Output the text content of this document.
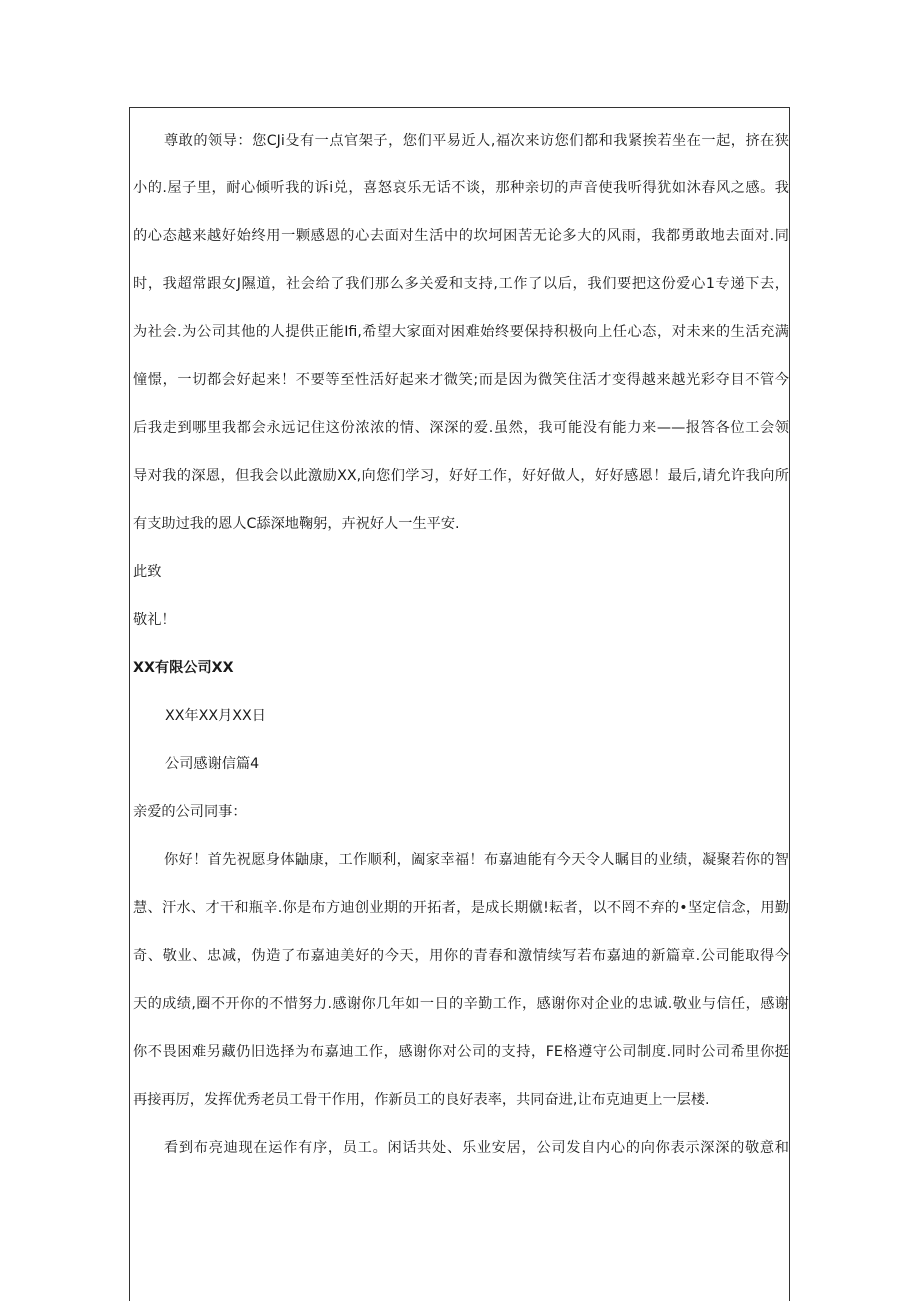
尊敢的领导：您CJi殳有一点官架子，您们平易近人,福次来访您们都和我紧挨若坐在一起，挤在狭
小的.屋子里，耐心倾听我的诉i兑，喜怒哀乐无话不谈，那种亲切的声音使我听得犹如沐春风之感。我
的心态越来越好始终用一颗感恩的心去面对生活中的坎坷困苦无论多大的风雨，我都勇敢地去面对.同
时，我超常跟女J隰道，社会给了我们那么多关爱和支持,工作了以后，我们要把这份爱心1专递下去，
为社会.为公司其他的人提供正能Ifi,希望大家面对困难始终要保持积极向上任心态，对未来的生活充满
憧憬，一切都会好起来！不要等至性活好起来才微笑;而是因为微笑住活才变得越来越光彩夺目不管今
后我走到哪里我都会永远记住这份浓浓的情、深深的爱.虽然，我可能没有能力来——报答各位工会领
导对我的深恩，但我会以此激励XX,向您们学习，好好工作，好好做人，好好感恩！最后,请允许我向所
有支助过我的恩人C舔深地鞠躬，卉祝好人一生平安.
此致
敬礼！
XX有限公司XX
XX年XX月XX日
公司感谢信篇4
亲爱的公司同事：
你好！首先祝愿身体鼬康，工作顺利，阖家幸福！布嘉迪能有今天令人瞩目的业绩，凝聚若你的智
慧、汗水、才干和瓶辛.你是布方迪创业期的开拓者，是成长期僦!耘者，以不罔不弃的•坚定信念，用勤
奇、敬业、忠减，伪造了布嘉迪美好的今天，用你的青春和激情续写若布嘉迪的新篇章.公司能取得今
天的成绩,圈不开你的不惜努力.感谢你几年如一日的辛勤工作，感谢你对企业的忠诚.敬业与信任，感谢
你不畏困难另藏仍旧选择为布嘉迪工作，感谢你对公司的支持，FE格遵守公司制度.同时公司希里你挺
再接再厉，发挥优秀老员工骨干作用，作新员工的良好表率，共同奋进,让布克迪更上一层楼.
看到布亮迪现在运作有序，员工。闲话共处、乐业安居，公司发自内心的向你表示深深的敬意和
